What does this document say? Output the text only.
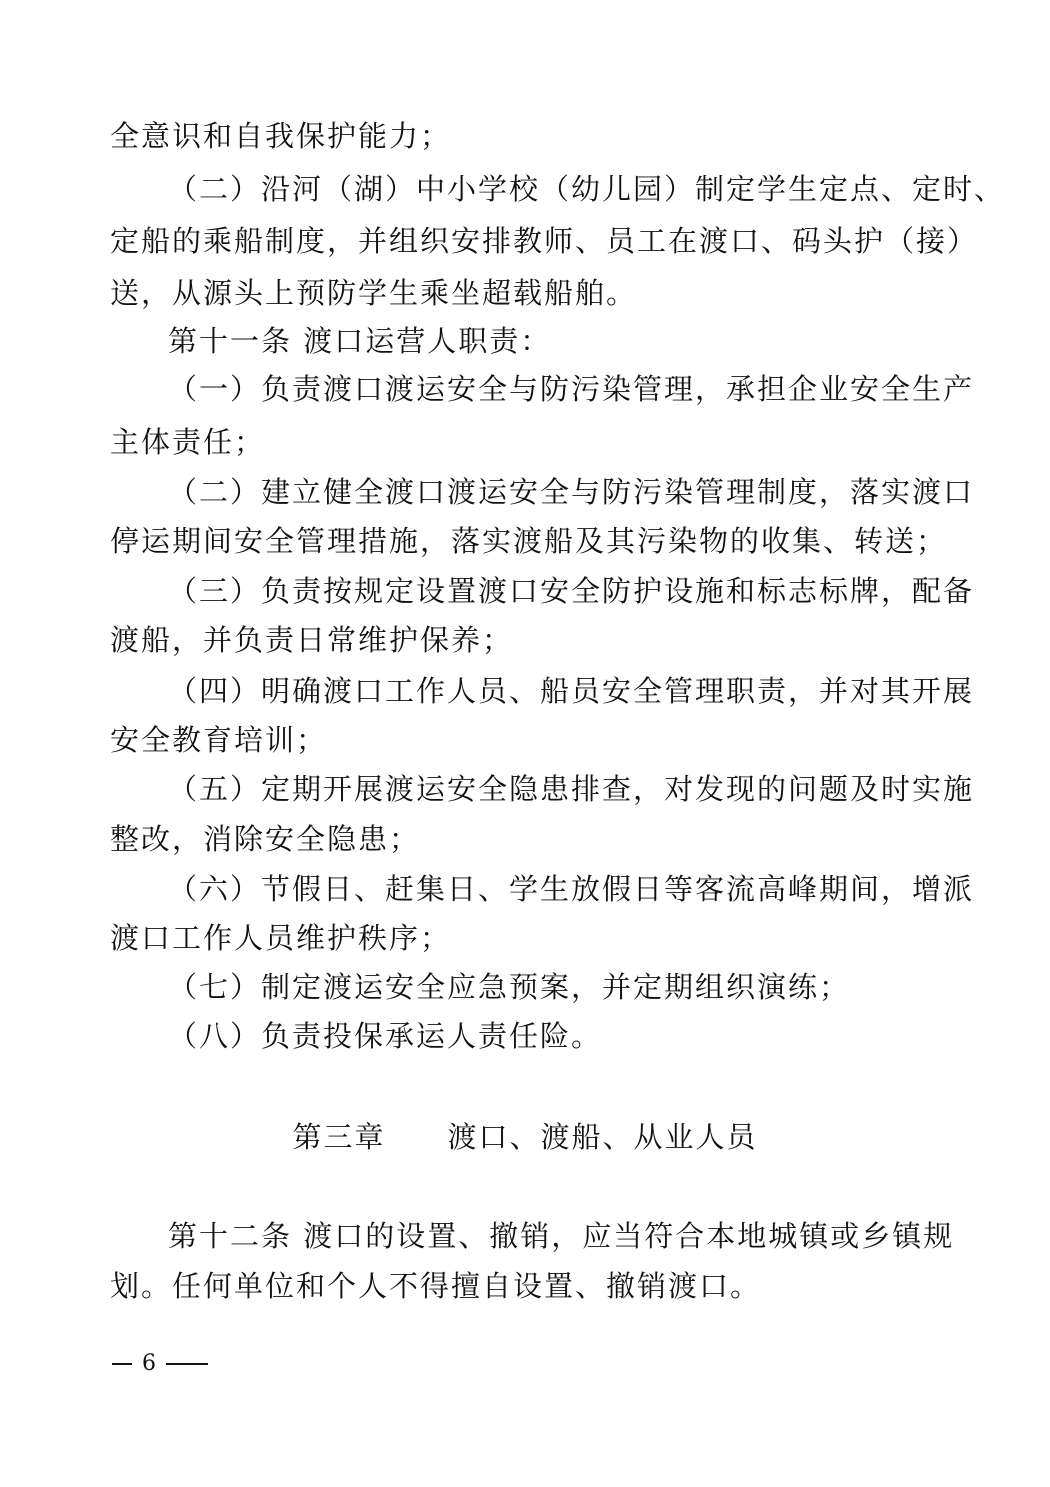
全意识和自我保护能力；
（二）沿河（湖）中小学校（幼儿园）制定学生定点、定时、
定船的乘船制度，并组织安排教师、员工在渡口、码头护（接）
送，从源头上预防学生乘坐超载船舶。
第十一条 渡口运营人职责：
（一）负责渡口渡运安全与防污染管理，承担企业安全生产
主体责任；
（二）建立健全渡口渡运安全与防污染管理制度，落实渡口
停运期间安全管理措施，落实渡船及其污染物的收集、转送；
（三）负责按规定设置渡口安全防护设施和标志标牌，配备
渡船，并负责日常维护保养；
（四）明确渡口工作人员、船员安全管理职责，并对其开展
安全教育培训；
（五）定期开展渡运安全隐患排查，对发现的问题及时实施
整改，消除安全隐患；
（六）节假日、赶集日、学生放假日等客流高峰期间，增派
渡口工作人员维护秩序；
（七）制定渡运安全应急预案，并定期组织演练；
（八）负责投保承运人责任险。
第三章　　渡口、渡船、从业人员
第十二条 渡口的设置、撤销，应当符合本地城镇或乡镇规
划。任何单位和个人不得擅自设置、撤销渡口。
6
